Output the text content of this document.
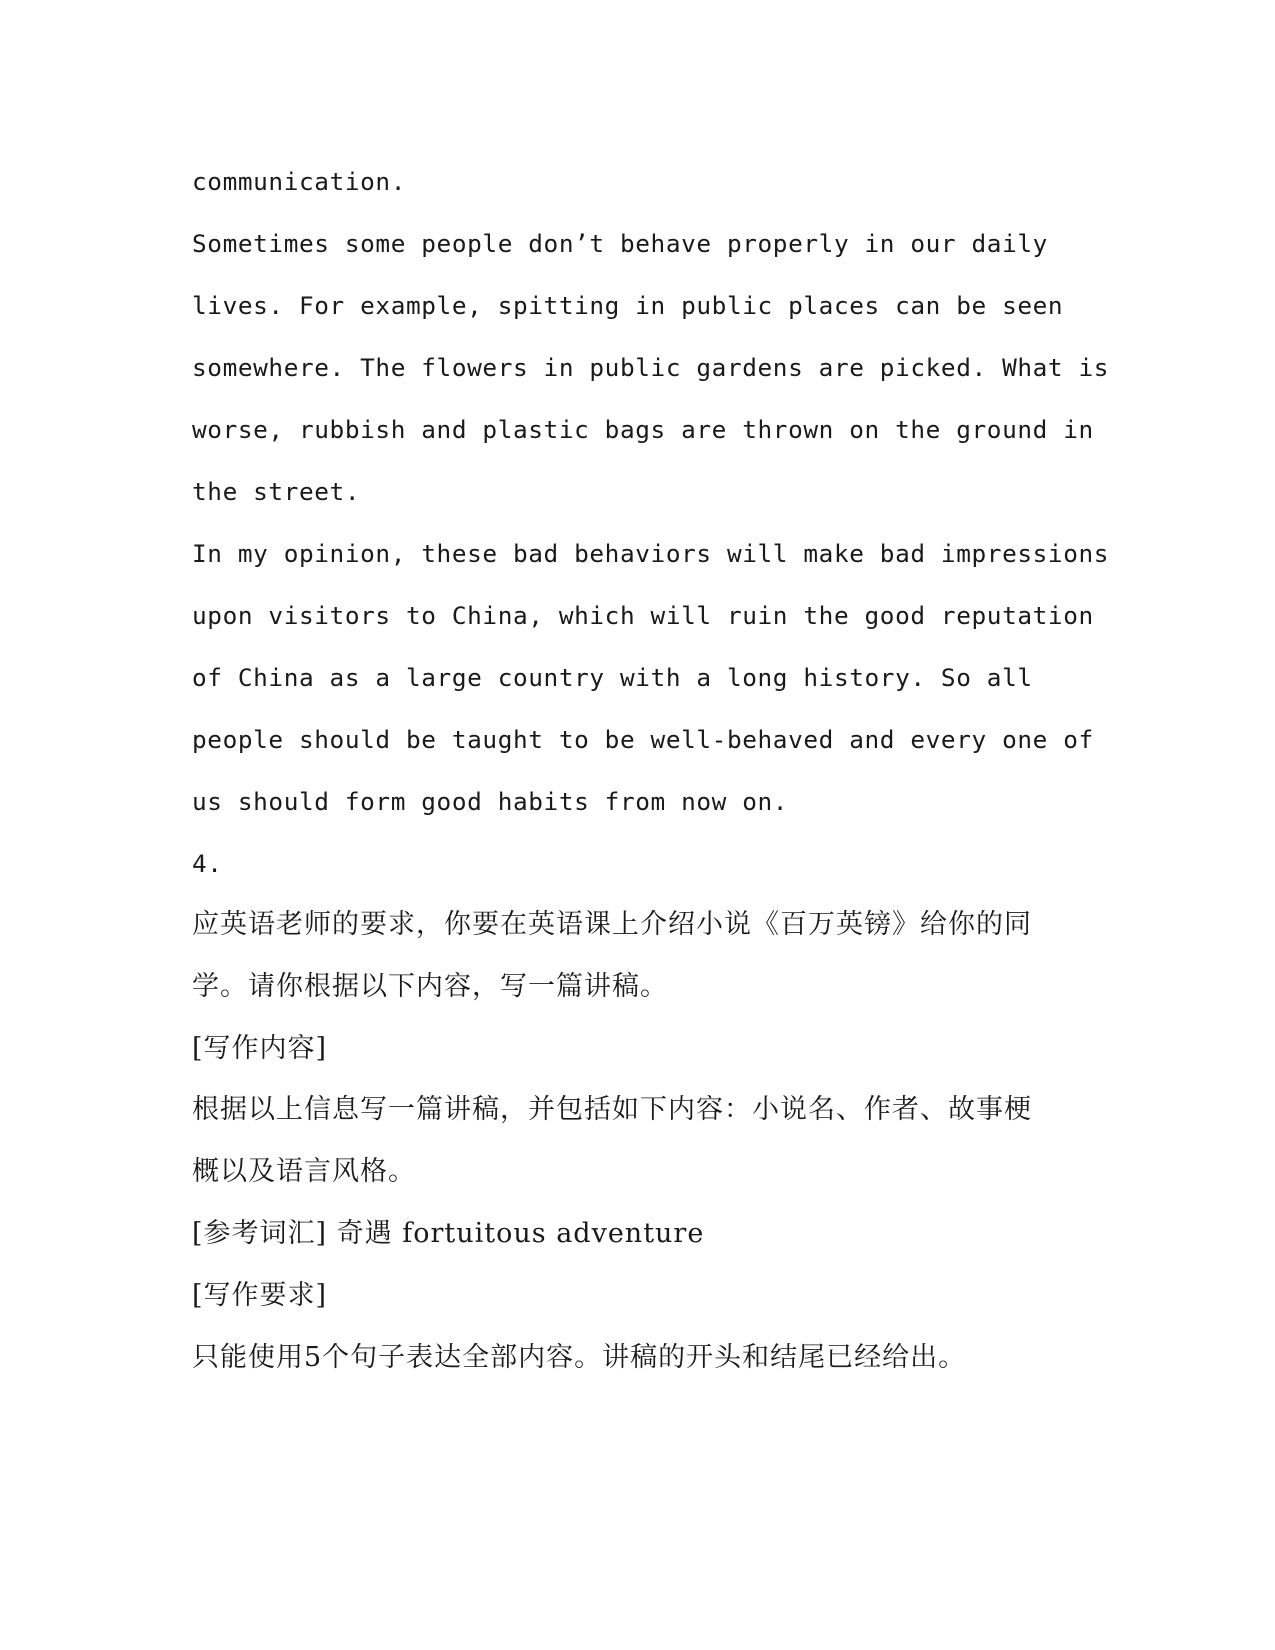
communication.
Sometimes some people don’t behave properly in our daily
lives. For example, spitting in public places can be seen
somewhere. The flowers in public gardens are picked. What is
worse, rubbish and plastic bags are thrown on the ground in
the street.
In my opinion, these bad behaviors will make bad impressions
upon visitors to China, which will ruin the good reputation
of China as a large country with a long history. So all
people should be taught to be well-behaved and every one of
us should form good habits from now on.
4.
应英语老师的要求，你要在英语课上介绍小说《百万英镑》给你的同
学。请你根据以下内容，写一篇讲稿。
[写作内容]
根据以上信息写一篇讲稿，并包括如下内容：小说名、作者、故事梗
概以及语言风格。
[参考词汇] 奇遇 fortuitous adventure
[写作要求]
只能使用5个句子表达全部内容。讲稿的开头和结尾已经给出。
